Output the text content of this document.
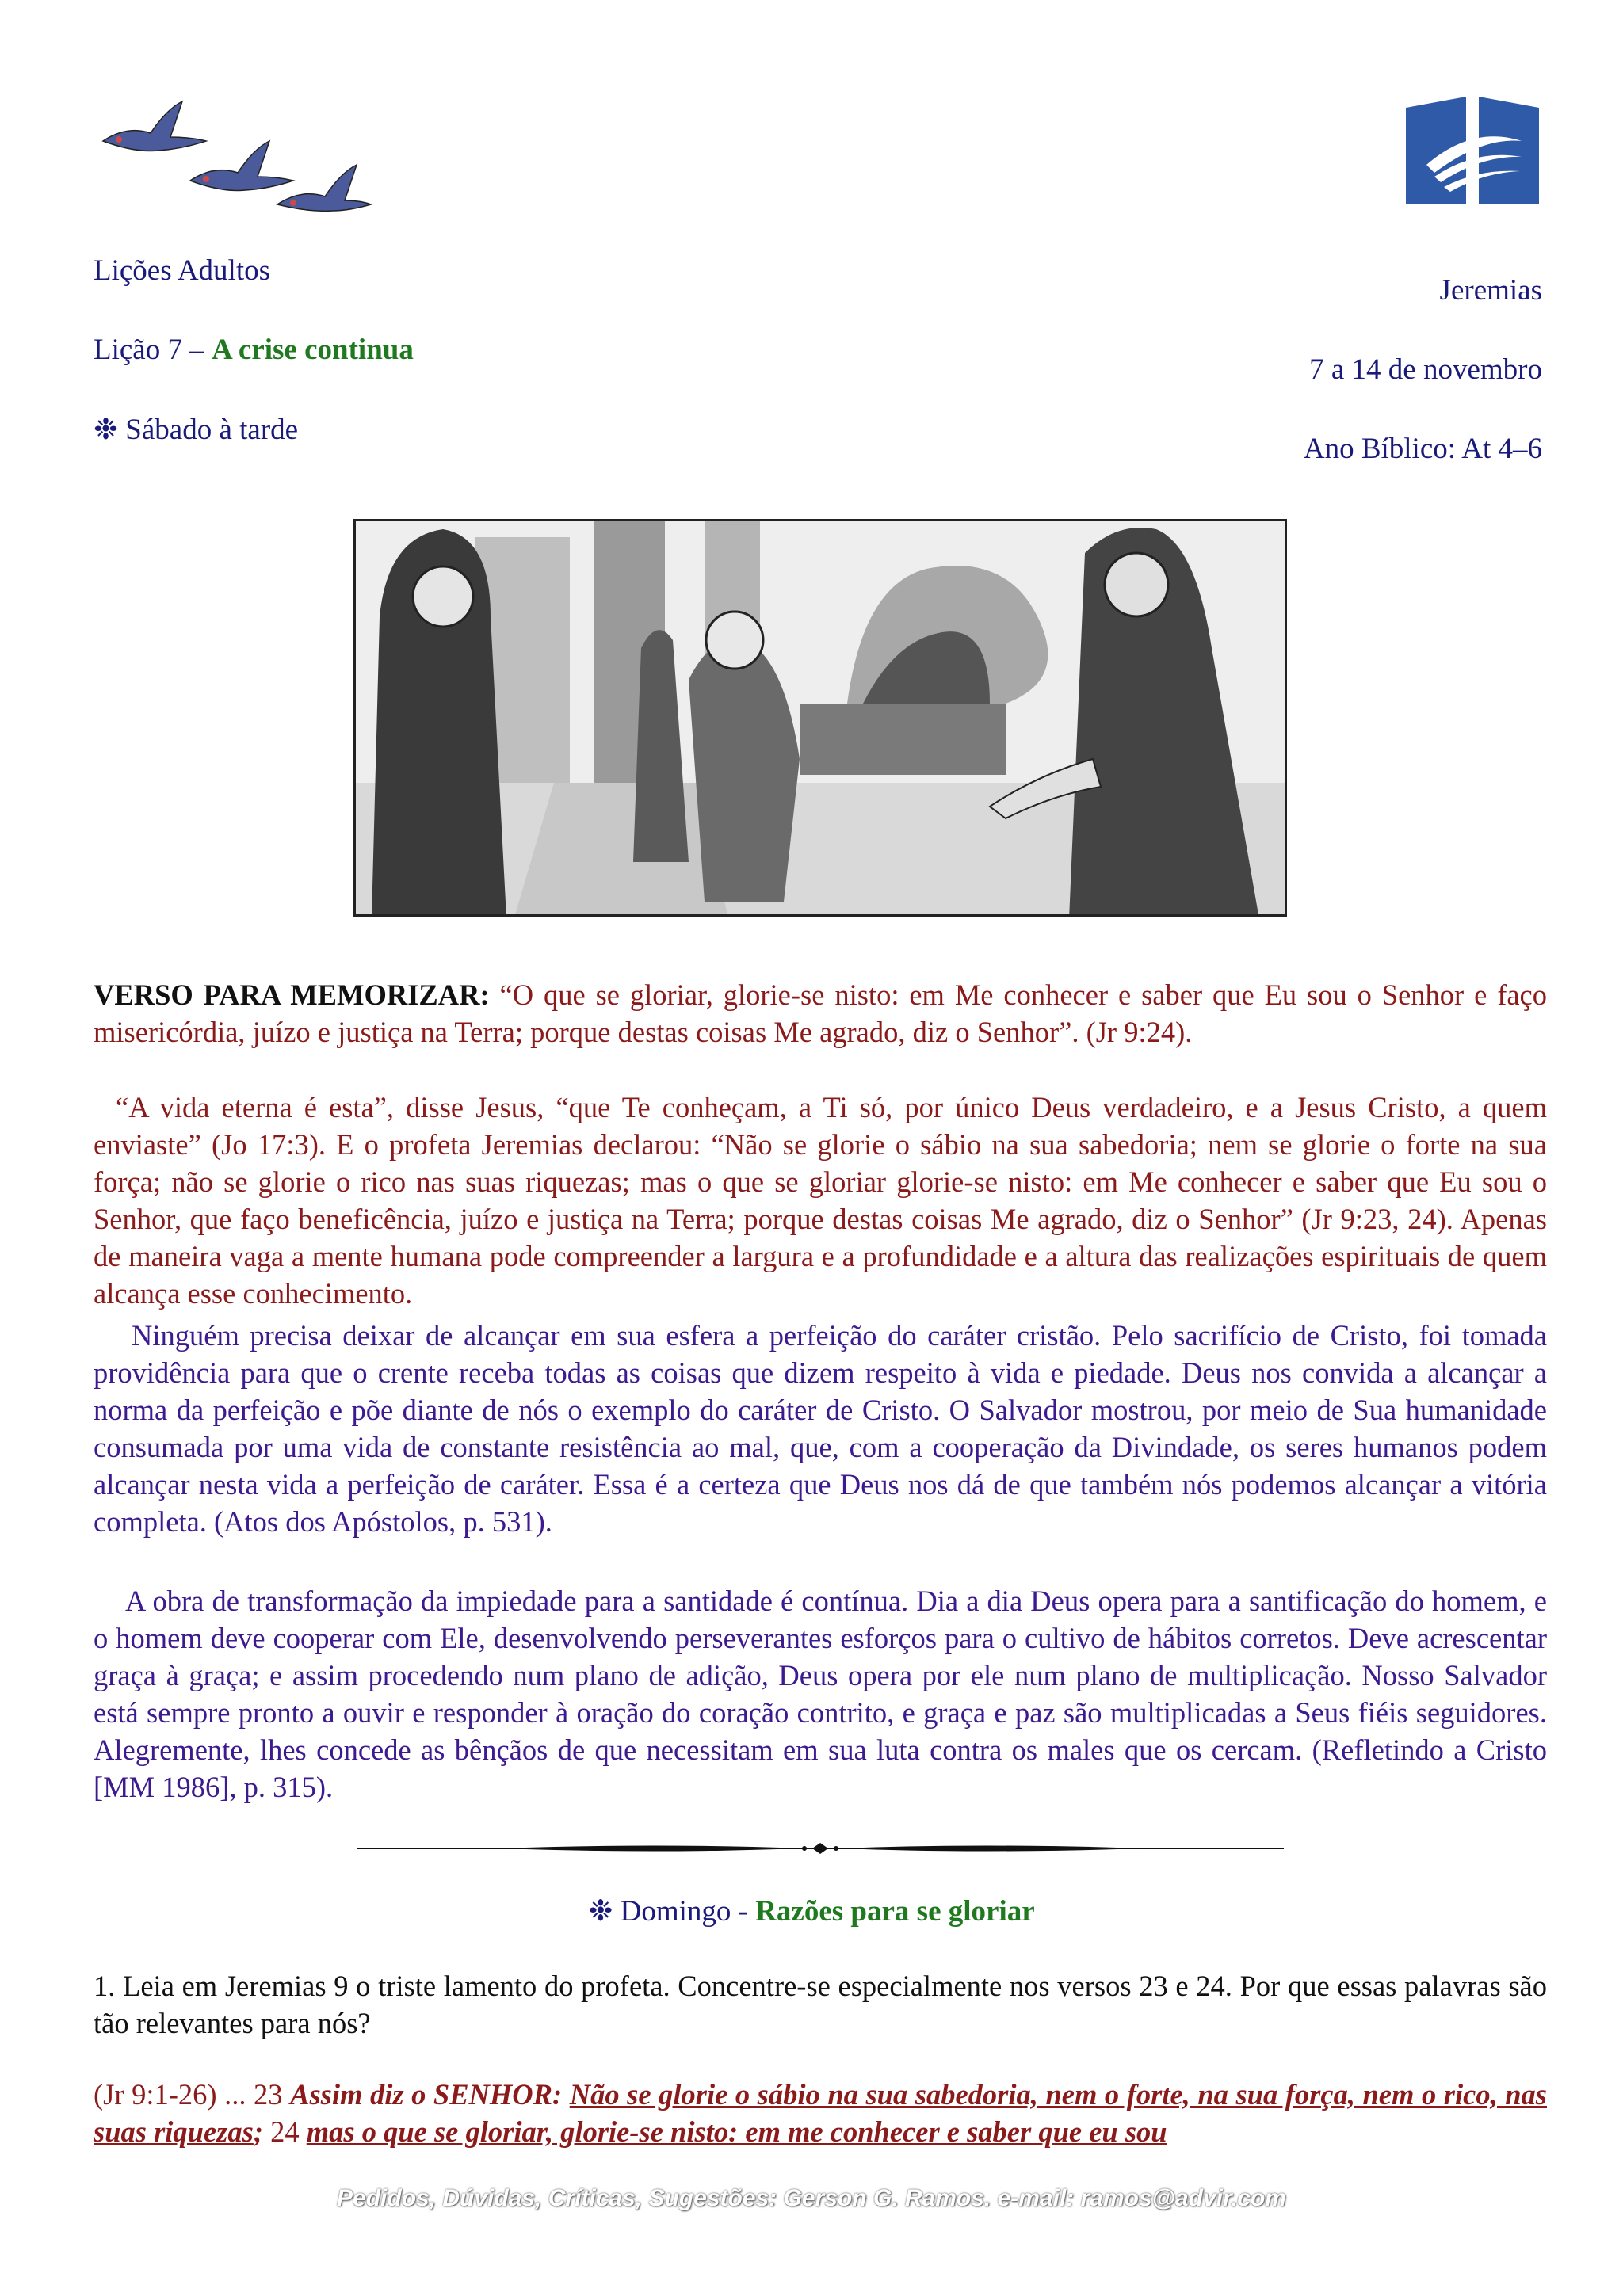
Lições Adultos
Lição 7 – A crise continua
❉ Sábado à tarde
Jeremias
7 a 14 de novembro
Ano Bíblico: At 4–6
VERSO PARA MEMORIZAR: “O que se gloriar, glorie-se nisto: em Me conhecer e saber que Eu sou o Senhor e faço misericórdia, juízo e justiça na Terra; porque destas coisas Me agrado, diz o Senhor”. (Jr 9:24).
“A vida eterna é esta”, disse Jesus, “que Te conheçam, a Ti só, por único Deus verdadeiro, e a Jesus Cristo, a quem enviaste” (Jo 17:3). E o profeta Jeremias declarou: “Não se glorie o sábio na sua sabedoria; nem se glorie o forte na sua força; não se glorie o rico nas suas riquezas; mas o que se gloriar glorie-se nisto: em Me conhecer e saber que Eu sou o Senhor, que faço beneficência, juízo e justiça na Terra; porque destas coisas Me agrado, diz o Senhor” (Jr 9:23, 24). Apenas de maneira vaga a mente humana pode compreender a largura e a profundidade e a altura das realizações espirituais de quem alcança esse conhecimento.
Ninguém precisa deixar de alcançar em sua esfera a perfeição do caráter cristão. Pelo sacrifício de Cristo, foi tomada providência para que o crente receba todas as coisas que dizem respeito à vida e piedade. Deus nos convida a alcançar a norma da perfeição e põe diante de nós o exemplo do caráter de Cristo. O Salvador mostrou, por meio de Sua humanidade consumada por uma vida de constante resistência ao mal, que, com a cooperação da Divindade, os seres humanos podem alcançar nesta vida a perfeição de caráter. Essa é a certeza que Deus nos dá de que também nós podemos alcançar a vitória completa. (Atos dos Apóstolos, p. 531).
A obra de transformação da impiedade para a santidade é contínua. Dia a dia Deus opera para a santificação do homem, e o homem deve cooperar com Ele, desenvolvendo perseverantes esforços para o cultivo de hábitos corretos. Deve acrescentar graça à graça; e assim procedendo num plano de adição, Deus opera por ele num plano de multiplicação. Nosso Salvador está sempre pronto a ouvir e responder à oração do coração contrito, e graça e paz são multiplicadas a Seus fiéis seguidores. Alegremente, lhes concede as bênçãos de que necessitam em sua luta contra os males que os cercam. (Refletindo a Cristo [MM 1986], p. 315).
❉ Domingo - Razões para se gloriar
1. Leia em Jeremias 9 o triste lamento do profeta. Concentre-se especialmente nos versos 23 e 24. Por que essas palavras são tão relevantes para nós?
(Jr 9:1-26) ... 23 Assim diz o SENHOR: Não se glorie o sábio na sua sabedoria, nem o forte, na sua força, nem o rico, nas suas riquezas; 24 mas o que se gloriar, glorie-se nisto: em me conhecer e saber que eu sou
Pedidos, Dúvidas, Críticas, Sugestões: Gerson G. Ramos. e-mail: ramos@advir.com
